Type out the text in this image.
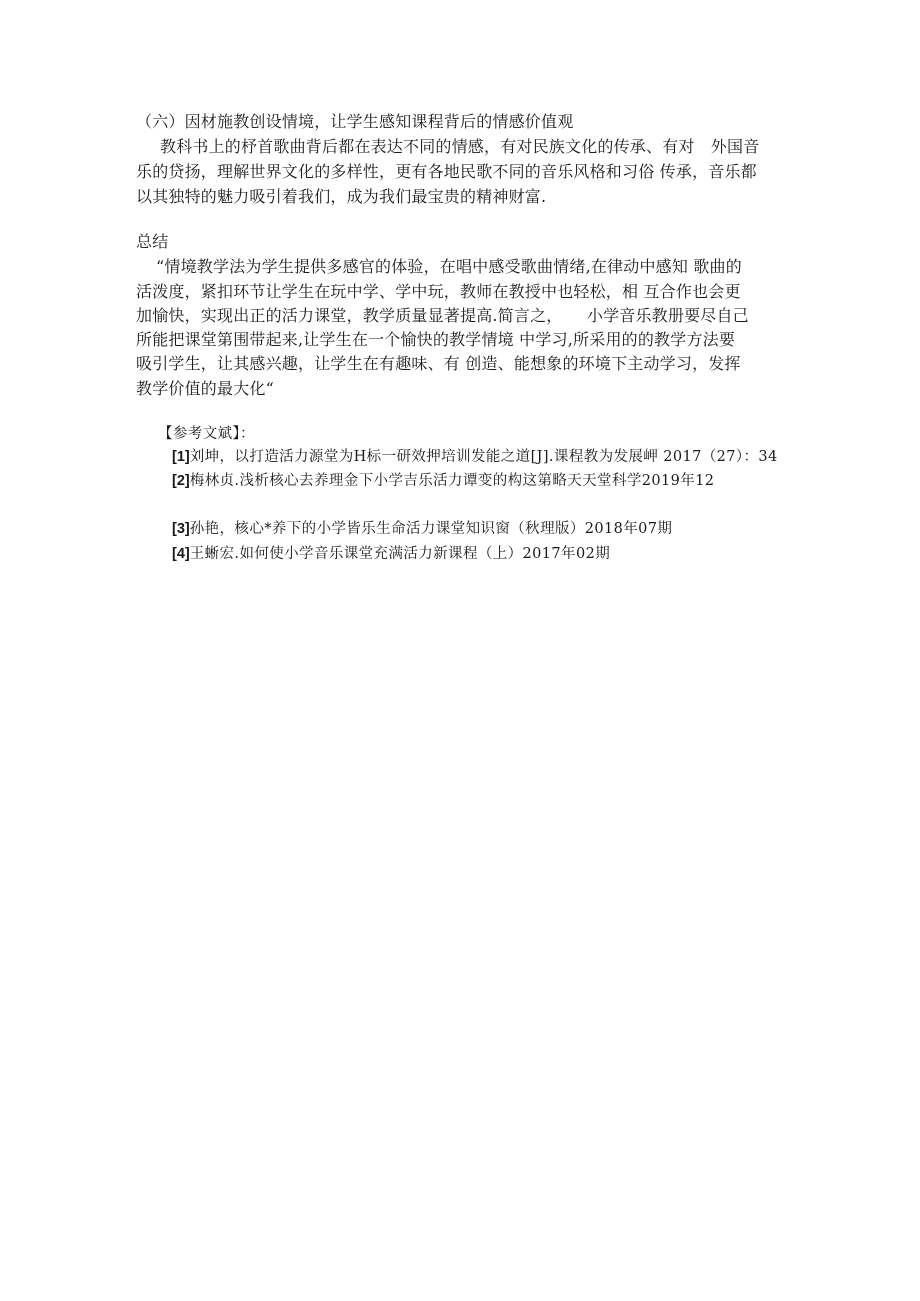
（六）因材施教创设情境，让学生感知课程背后的情感价值观
教科书上的杼首歌曲背后都在表达不同的情感，有对民族文化的传承、有对　外国音
乐的贷扬，理解世界文化的多样性，更有各地民歌不同的音乐风格和习俗 传承，音乐都
以其独特的魅力吸引着我们，成为我们最宝贵的精神财富.
总结
“情境教学法为学生提供多感官的体验，在唱中感受歌曲情绪,在律动中感知 歌曲的
活泼度，紧扣环节让学生在玩中学、学中玩，教师在教授中也轻松，相 互合作也会更
加愉快，实现出正的活力课堂，教学质量显著提高.简言之，　　小学音乐教册要尽自己
所能把课堂第围带起来,让学生在一个愉快的教学情境 中学习,所采用的的教学方法要
吸引学生，让其感兴趣，让学生在有趣味、有 创造、能想象的环境下主动学习，发挥
教学价值的最大化“
【参考文斌】：
[1]刘坤，以打造活力源堂为H标一研效押培训发能之道[J].课程教为发展岬 2017（27）：34
[2]梅林贞.浅析核心去养理金下小学吉乐活力谭变的构这第略天天堂科学2019年12
[3]孙艳，核心*养下的小学皆乐生命活力课堂知识窗（秋理版）2018年07期
[4]王蜥宏.如何使小学音乐课堂充满活力新课程（上）2017年02期
